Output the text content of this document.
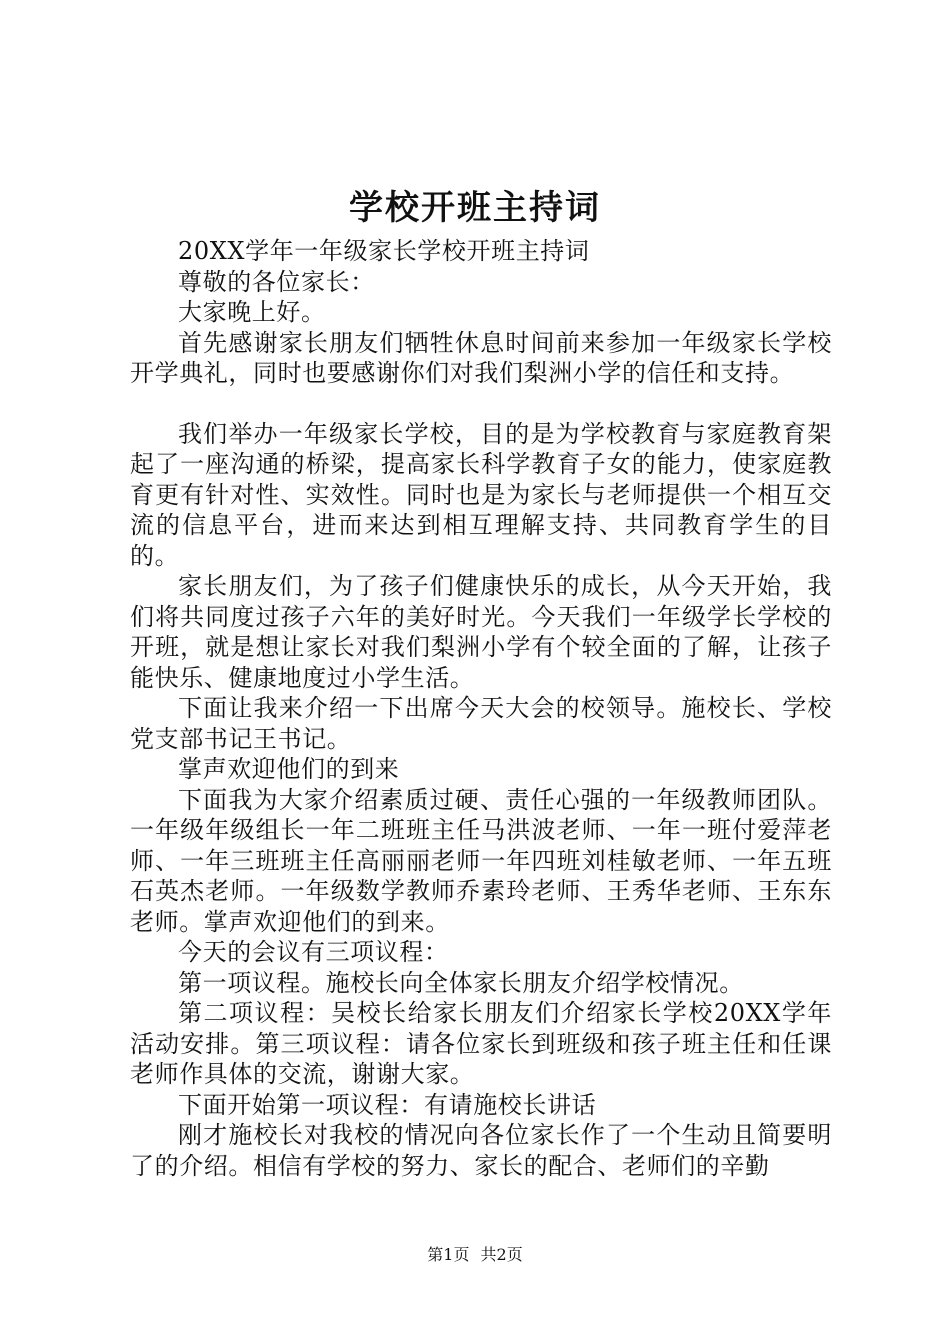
学校开班主持词

20XX学年一年级家长学校开班主持词

尊敬的各位家长：

大家晚上好。

首先感谢家长朋友们牺牲休息时间前来参加一年级家长学校开学典礼，同时也要感谢你们对我们梨洲小学的信任和支持。

我们举办一年级家长学校，目的是为学校教育与家庭教育架起了一座沟通的桥梁，提高家长科学教育子女的能力，使家庭教育更有针对性、实效性。同时也是为家长与老师提供一个相互交流的信息平台，进而来达到相互理解支持、共同教育学生的目的。

家长朋友们，为了孩子们健康快乐的成长，从今天开始，我们将共同度过孩子六年的美好时光。今天我们一年级学长学校的开班，就是想让家长对我们梨洲小学有个较全面的了解，让孩子能快乐、健康地度过小学生活。

下面让我来介绍一下出席今天大会的校领导。施校长、学校党支部书记王书记。

掌声欢迎他们的到来

下面我为大家介绍素质过硬、责任心强的一年级教师团队。一年级年级组长一年二班班主任马洪波老师、一年一班付爱萍老师、一年三班班主任高丽丽老师一年四班刘桂敏老师、一年五班石英杰老师。一年级数学教师乔素玲老师、王秀华老师、王东东老师。掌声欢迎他们的到来。

今天的会议有三项议程：

第一项议程。施校长向全体家长朋友介绍学校情况。

第二项议程：吴校长给家长朋友们介绍家长学校20XX学年活动安排。第三项议程：请各位家长到班级和孩子班主任和任课老师作具体的交流，谢谢大家。

下面开始第一项议程：有请施校长讲话

刚才施校长对我校的情况向各位家长作了一个生动且简要明了的介绍。相信有学校的努力、家长的配合、老师们的辛勤

第1页 共2页
